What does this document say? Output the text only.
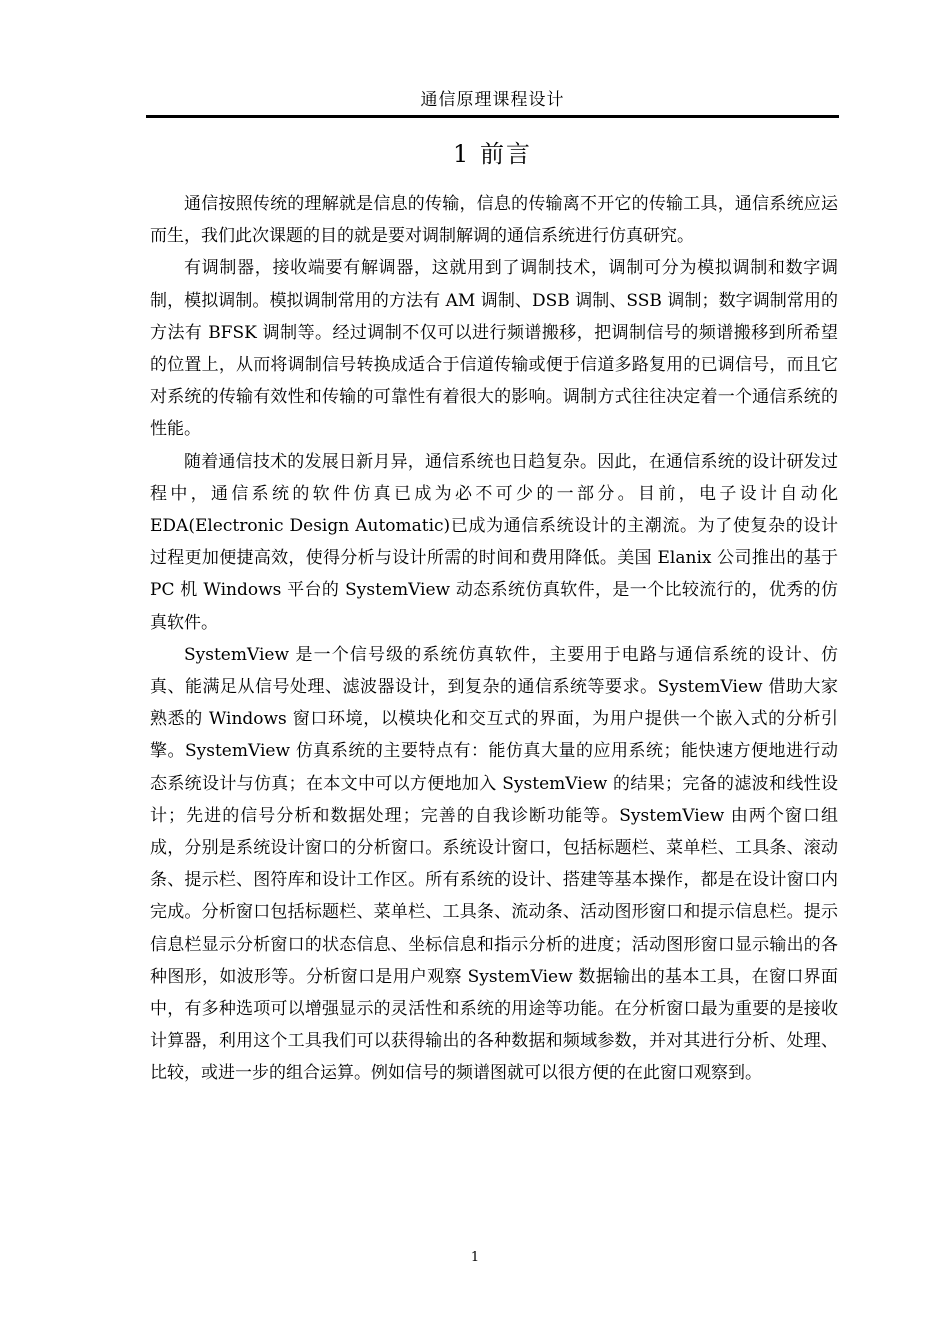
通信原理课程设计
1 前言

通信按照传统的理解就是信息的传输，信息的传输离不开它的传输工具，通信系统应运而生，我们此次课题的目的就是要对调制解调的通信系统进行仿真研究。

有调制器，接收端要有解调器，这就用到了调制技术，调制可分为模拟调制和数字调制，模拟调制。模拟调制常用的方法有 AM 调制、DSB 调制、SSB 调制；数字调制常用的方法有 BFSK 调制等。经过调制不仅可以进行频谱搬移，把调制信号的频谱搬移到所希望的位置上，从而将调制信号转换成适合于信道传输或便于信道多路复用的已调信号，而且它对系统的传输有效性和传输的可靠性有着很大的影响。调制方式往往决定着一个通信系统的性能。

随着通信技术的发展日新月异，通信系统也日趋复杂。因此，在通信系统的设计研发过程中，通信系统的软件仿真已成为必不可少的一部分。目前，电子设计自动化 EDA(Electronic Design Automatic)已成为通信系统设计的主潮流。为了使复杂的设计过程更加便捷高效，使得分析与设计所需的时间和费用降低。美国 Elanix 公司推出的基于 PC 机 Windows 平台的 SystemView 动态系统仿真软件，是一个比较流行的，优秀的仿真软件。

SystemView 是一个信号级的系统仿真软件，主要用于电路与通信系统的设计、仿真、能满足从信号处理、滤波器设计，到复杂的通信系统等要求。SystemView 借助大家熟悉的 Windows 窗口环境，以模块化和交互式的界面，为用户提供一个嵌入式的分析引擎。SystemView 仿真系统的主要特点有：能仿真大量的应用系统；能快速方便地进行动态系统设计与仿真；在本文中可以方便地加入 SystemView 的结果；完备的滤波和线性设计；先进的信号分析和数据处理；完善的自我诊断功能等。SystemView 由两个窗口组成，分别是系统设计窗口的分析窗口。系统设计窗口，包括标题栏、菜单栏、工具条、滚动条、提示栏、图符库和设计工作区。所有系统的设计、搭建等基本操作，都是在设计窗口内完成。分析窗口包括标题栏、菜单栏、工具条、流动条、活动图形窗口和提示信息栏。提示信息栏显示分析窗口的状态信息、坐标信息和指示分析的进度；活动图形窗口显示输出的各种图形，如波形等。分析窗口是用户观察 SystemView 数据输出的基本工具，在窗口界面中，有多种选项可以增强显示的灵活性和系统的用途等功能。在分析窗口最为重要的是接收计算器，利用这个工具我们可以获得输出的各种数据和频域参数，并对其进行分析、处理、比较，或进一步的组合运算。例如信号的频谱图就可以很方便的在此窗口观察到。

1
